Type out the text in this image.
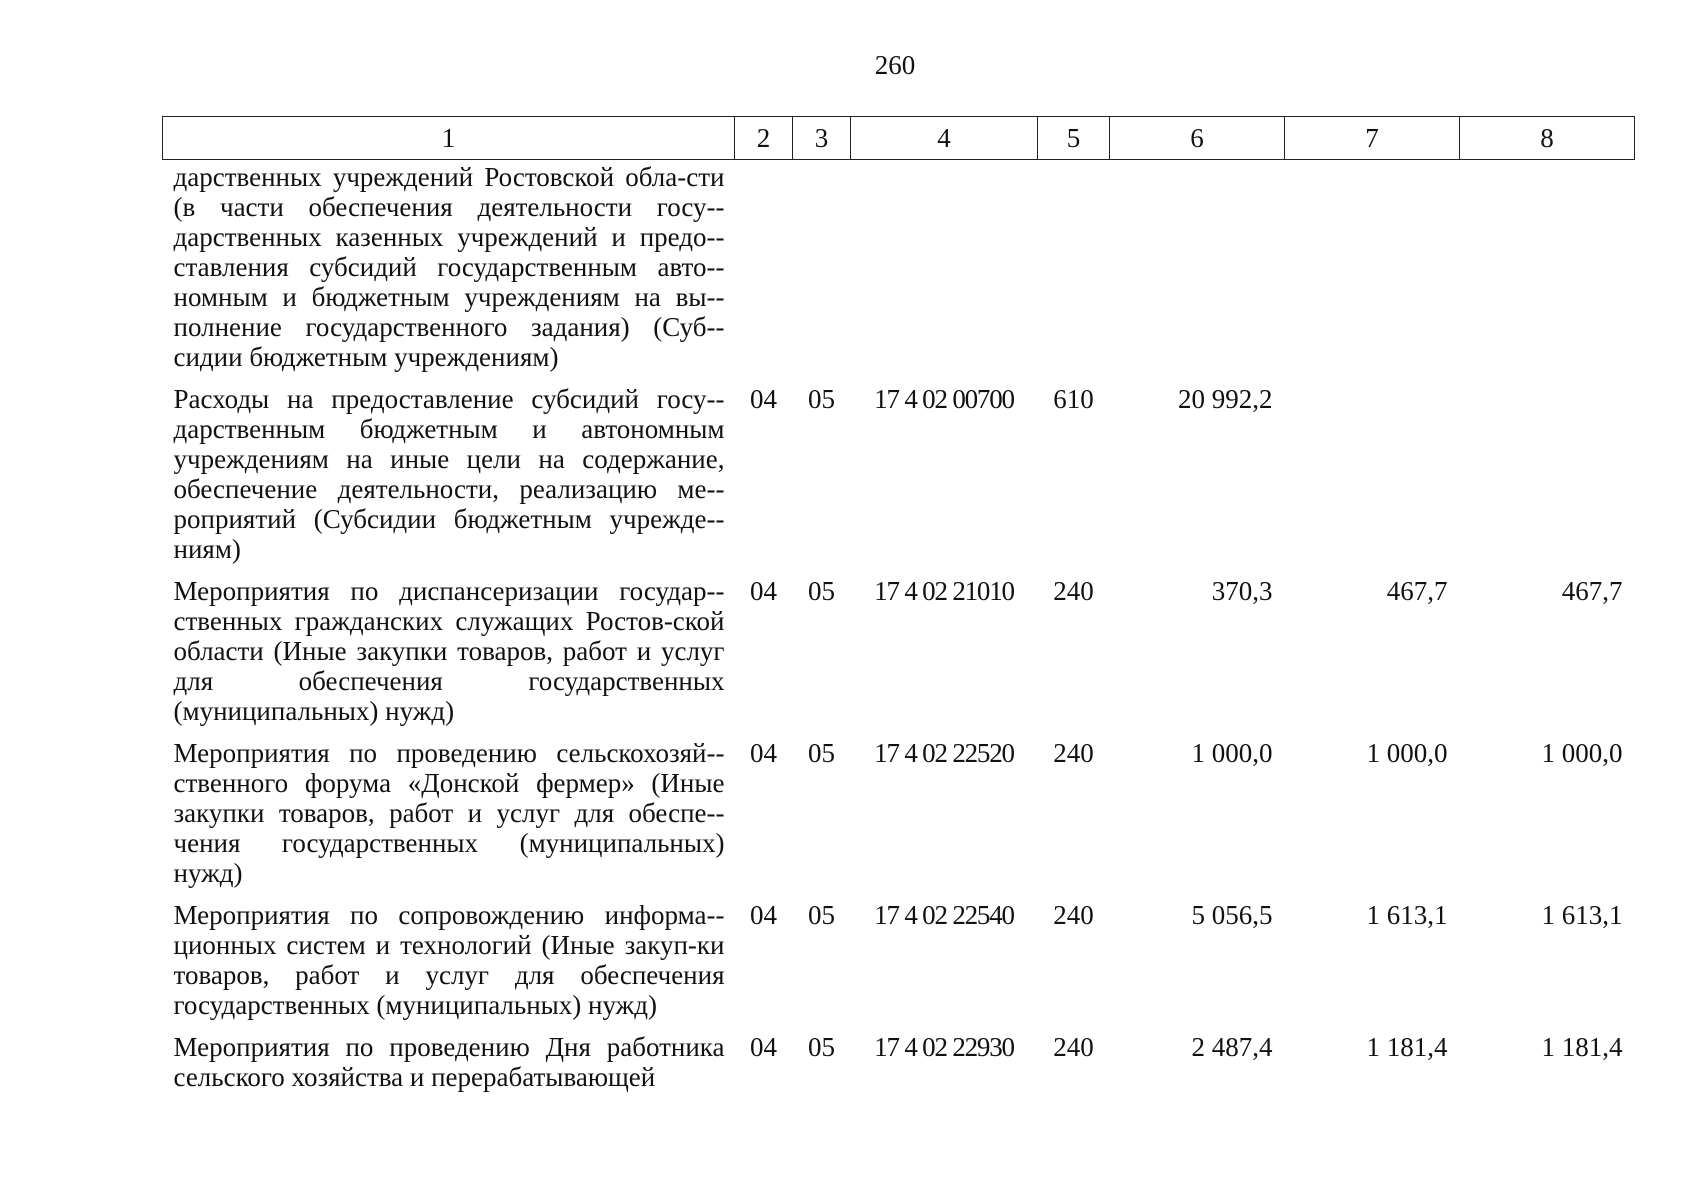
260
1	2	3	4	5	6	7	8
дарственных учреждений Ростовской обла-сти (в части обеспечения деятельности госу-дарственных казенных учреждений и предо-ставления субсидий государственным авто-номным и бюджетным учреждениям на вы-полнение государственного задания) (Суб-сидии бюджетным учреждениям)							
Расходы на предоставление субсидий госу-дарственным бюджетным и автономным учреждениям на иные цели на содержание, обеспечение деятельности, реализацию ме-роприятий (Субсидии бюджетным учрежде-ниям)	04	05	17 4 02 00700	610	20 992,2		
Мероприятия по диспансеризации государ-ственных гражданских служащих Ростов-ской области (Иные закупки товаров, работ и услуг для обеспечения государственных (муниципальных) нужд)	04	05	17 4 02 21010	240	370,3	467,7	467,7
Мероприятия по проведению сельскохозяй-ственного форума «Донской фермер» (Иные закупки товаров, работ и услуг для обеспе-чения государственных (муниципальных) нужд)	04	05	17 4 02 22520	240	1 000,0	1 000,0	1 000,0
Мероприятия по сопровождению информа-ционных систем и технологий (Иные закуп-ки товаров, работ и услуг для обеспечения государственных (муниципальных) нужд)	04	05	17 4 02 22540	240	5 056,5	1 613,1	1 613,1
Мероприятия по проведению Дня работника сельского хозяйства и перерабатывающей	04	05	17 4 02 22930	240	2 487,4	1 181,4	1 181,4
